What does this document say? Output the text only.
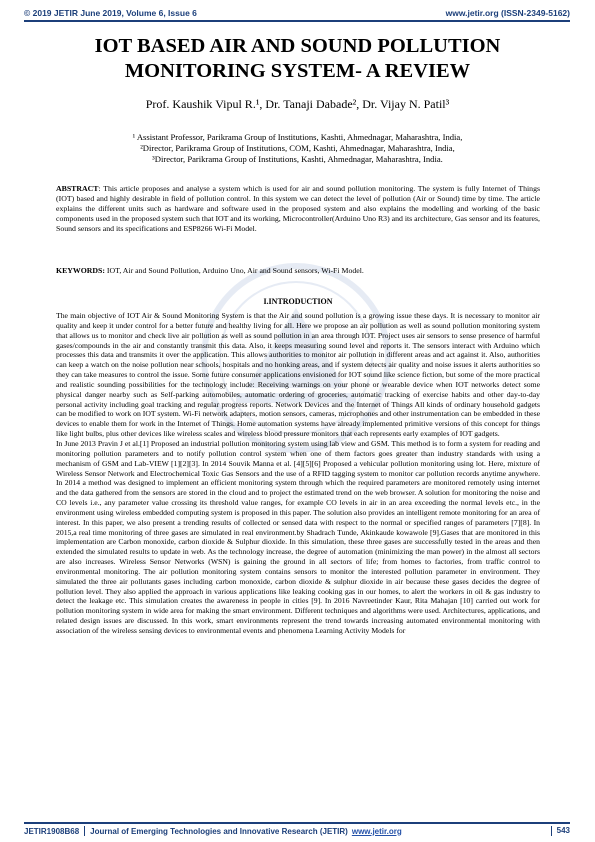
© 2019 JETIR June 2019, Volume 6, Issue 6	www.jetir.org (ISSN-2349-5162)
IOT BASED AIR AND SOUND POLLUTION
MONITORING SYSTEM- A REVIEW
Prof. Kaushik Vipul R.¹, Dr. Tanaji Dabade², Dr. Vijay N. Patil³
¹ Assistant Professor, Parikrama Group of Institutions, Kashti, Ahmednagar, Maharashtra, India,
²Director, Parikrama Group of Institutions, COM, Kashti, Ahmednagar, Maharashtra, India,
³Director, Parikrama Group of Institutions, Kashti, Ahmednagar, Maharashtra, India.

ABSTRACT: This article proposes and analyse a system which is used for air and sound pollution monitoring. The system is fully Internet of Things (IOT) based and highly desirable in field of pollution control. In this system we can detect the level of pollution (Air or Sound) time by time. The article explains the different units such as hardware and software used in the proposed system and also explains the modelling and working of the basic components used in the proposed system such that IOT and its working, Microcontroller(Arduino Uno R3) and its architecture, Gas sensor and its features, Sound sensors and its specifications and ESP8266 Wi-Fi Model.

KEYWORDS: IOT, Air and Sound Pollution, Arduino Uno, Air and Sound sensors, Wi-Fi Model.

I.INTRODUCTION

The main objective of IOT Air & Sound Monitoring System is that the Air and sound pollution is a growing issue these days. It is necessary to monitor air quality and keep it under control for a better future and healthy living for all. Here we propose an air pollution as well as sound pollution monitoring system that allows us to monitor and check live air pollution as well as sound pollution in an area through IOT. Project uses air sensors to sense presence of harmful gases/compounds in the air and constantly transmit this data. Also, it keeps measuring sound level and reports it. The sensors interact with Arduino which processes this data and transmits it over the application. This allows authorities to monitor air pollution in different areas and act against it. Also, authorities can keep a watch on the noise pollution near schools, hospitals and no honking areas, and if system detects air quality and noise issues it alerts authorities so they can take measures to control the issue. Some future consumer applications envisioned for IOT sound like science fiction, but some of the more practical and realistic sounding possibilities for the technology include: Receiving warnings on your phone or wearable device when IOT networks detect some physical danger nearby such as Self-parking automobiles, automatic ordering of groceries, automatic tracking of exercise habits and other day-to-day personal activity including goal tracking and regular progress reports. Network Devices and the Internet of Things All kinds of ordinary household gadgets can be modified to work on IOT system. Wi-Fi network adapters, motion sensors, cameras, microphones and other instrumentation can be embedded in these devices to enable them for work in the Internet of Things. Home automation systems have already implemented primitive versions of this concept for things like light bulbs, plus other devices like wireless scales and wireless blood pressure monitors that each represents early examples of IOT gadgets.

In June 2013 Pravin J et al.[1] Proposed an industrial pollution monitoring system using lab view and GSM. This method is to form a system for reading and monitoring pollution parameters and to notify pollution control system when one of them factors goes greater than industry standards with using a mechanism of GSM and Lab-VIEW [1][2][3]. In 2014 Souvik Manna et al. [4][5][6] Proposed a vehicular pollution monitoring using lot. Here, mixture of Wireless Sensor Network and Electrochemical Toxic Gas Sensors and the use of a RFID tagging system to monitor car pollution records anytime anywhere. In 2014 a method was designed to implement an efficient monitoring system through which the required parameters are monitored remotely using internet and the data gathered from the sensors are stored in the cloud and to project the estimated trend on the web browser. A solution for monitoring the noise and CO levels i.e., any parameter value crossing its threshold value ranges, for example CO levels in air in an area exceeding the normal levels etc., in the environment using wireless embedded computing system is proposed in this paper. The solution also provides an intelligent remote monitoring for an area of interest. In this paper, we also present a trending results of collected or sensed data with respect to the normal or specified ranges of parameters [7][8]. In 2015,a real time monitoring of three gases are simulated in real environment.by Shadrach Tunde, Akinkaude kowawole [9].Gases that are monitored in this implementation are Carbon monoxide, carbon dioxide & Sulphur dioxide. In this simulation, these three gases are successfully tested in the areas and then extended the simulated results to update in web. As the technology increase, the degree of automation (minimizing the man power) in the almost all sectors are also increases. Wireless Sensor Networks (WSN) is gaining the ground in all sectors of life; from homes to factories, from traffic control to environmental monitoring. The air pollution monitoring system contains sensors to monitor the interested pollution parameter in environment. They simulated the three air pollutants gases including carbon monoxide, carbon dioxide & sulphur dioxide in air because these gases decides the degree of pollution level. They also applied the approach in various applications like leaking cooking gas in our homes, to alert the workers in oil & gas industry to detect the leakage etc. This simulation creates the awareness in people in cities [9]. In 2016 Navreetinder Kaur, Rita Mahajan [10] carried out work for pollution monitoring system in wide area for making the smart environment. Different techniques and algorithms were used. Architectures, applications, and related design issues are discussed. In this work, smart environments represent the trend towards increasing automated environmental monitoring with association of the wireless sensing devices to environmental events and phenomena Learning Activity Models for

JETIR1908B68 Journal of Emerging Technologies and Innovative Research (JETIR) www.jetir.org	543
